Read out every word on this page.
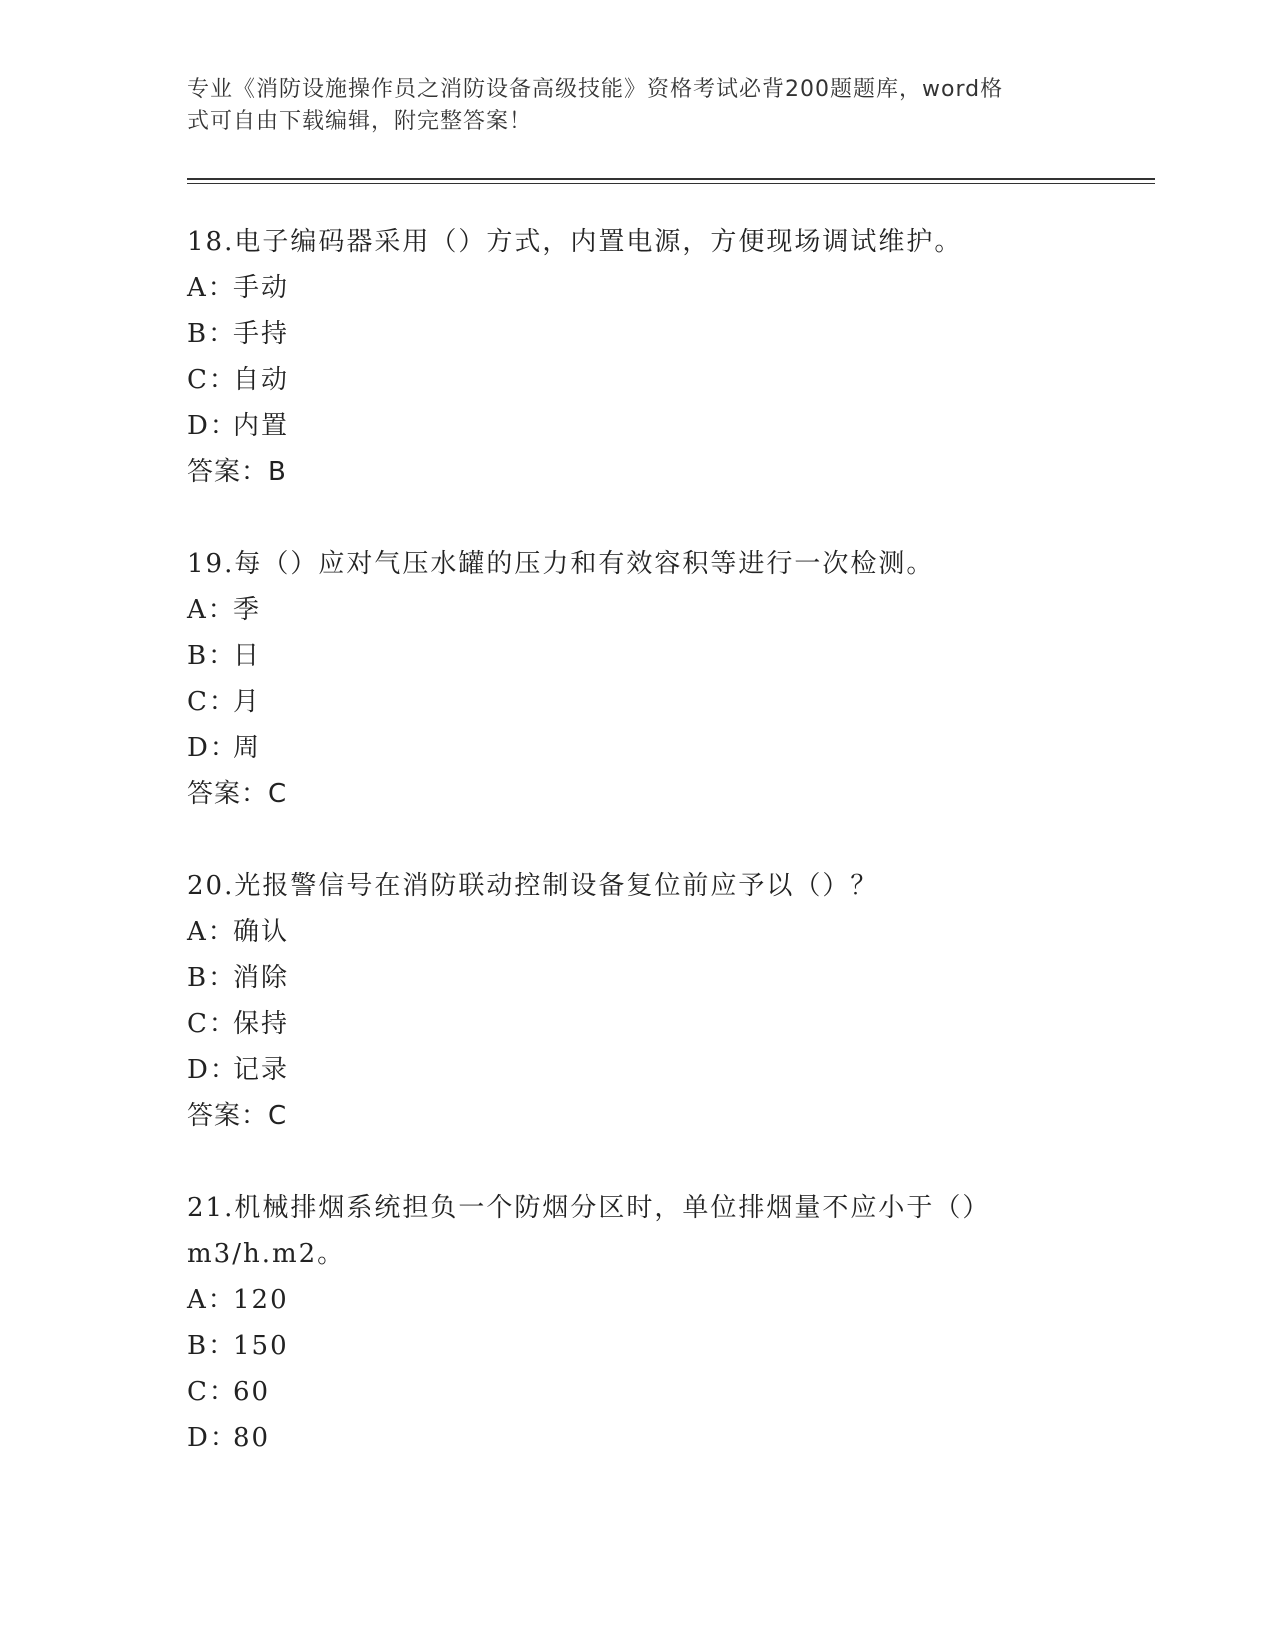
专业《消防设施操作员之消防设备高级技能》资格考试必背200题题库，word格
式可自由下载编辑，附完整答案！
18.电子编码器采用（）方式，内置电源，方便现场调试维护。
A：手动
B：手持
C：自动
D：内置
答案：B
19.每（）应对气压水罐的压力和有效容积等进行一次检测。
A：季
B：日
C：月
D：周
答案：C
20.光报警信号在消防联动控制设备复位前应予以（）？
A：确认
B：消除
C：保持
D：记录
答案：C
21.机械排烟系统担负一个防烟分区时，单位排烟量不应小于（）
m3/h.m2。
A：120
B：150
C：60
D：80
